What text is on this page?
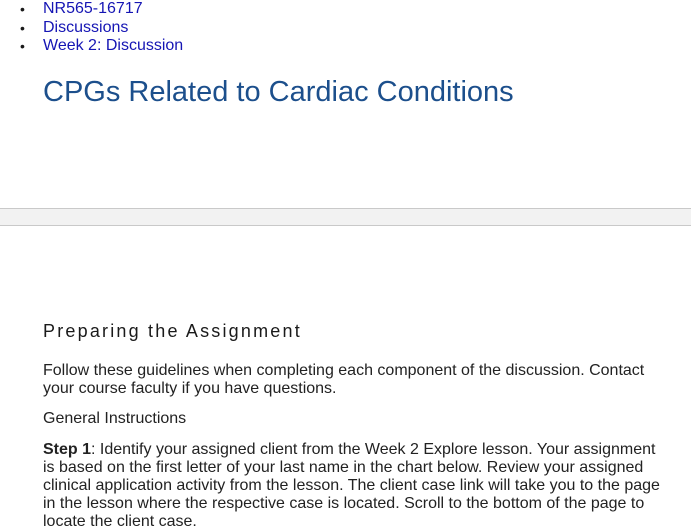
• NR565-16717
• Discussions
• Week 2: Discussion
CPGs Related to Cardiac Conditions
Preparing the Assignment

Follow these guidelines when completing each component of the discussion. Contact your course faculty if you have questions.

General Instructions

Step 1: Identify your assigned client from the Week 2 Explore lesson. Your assignment is based on the first letter of your last name in the chart below. Review your assigned clinical application activity from the lesson. The client case link will take you to the page in the lesson where the respective case is located. Scroll to the bottom of the page to locate the client case.
